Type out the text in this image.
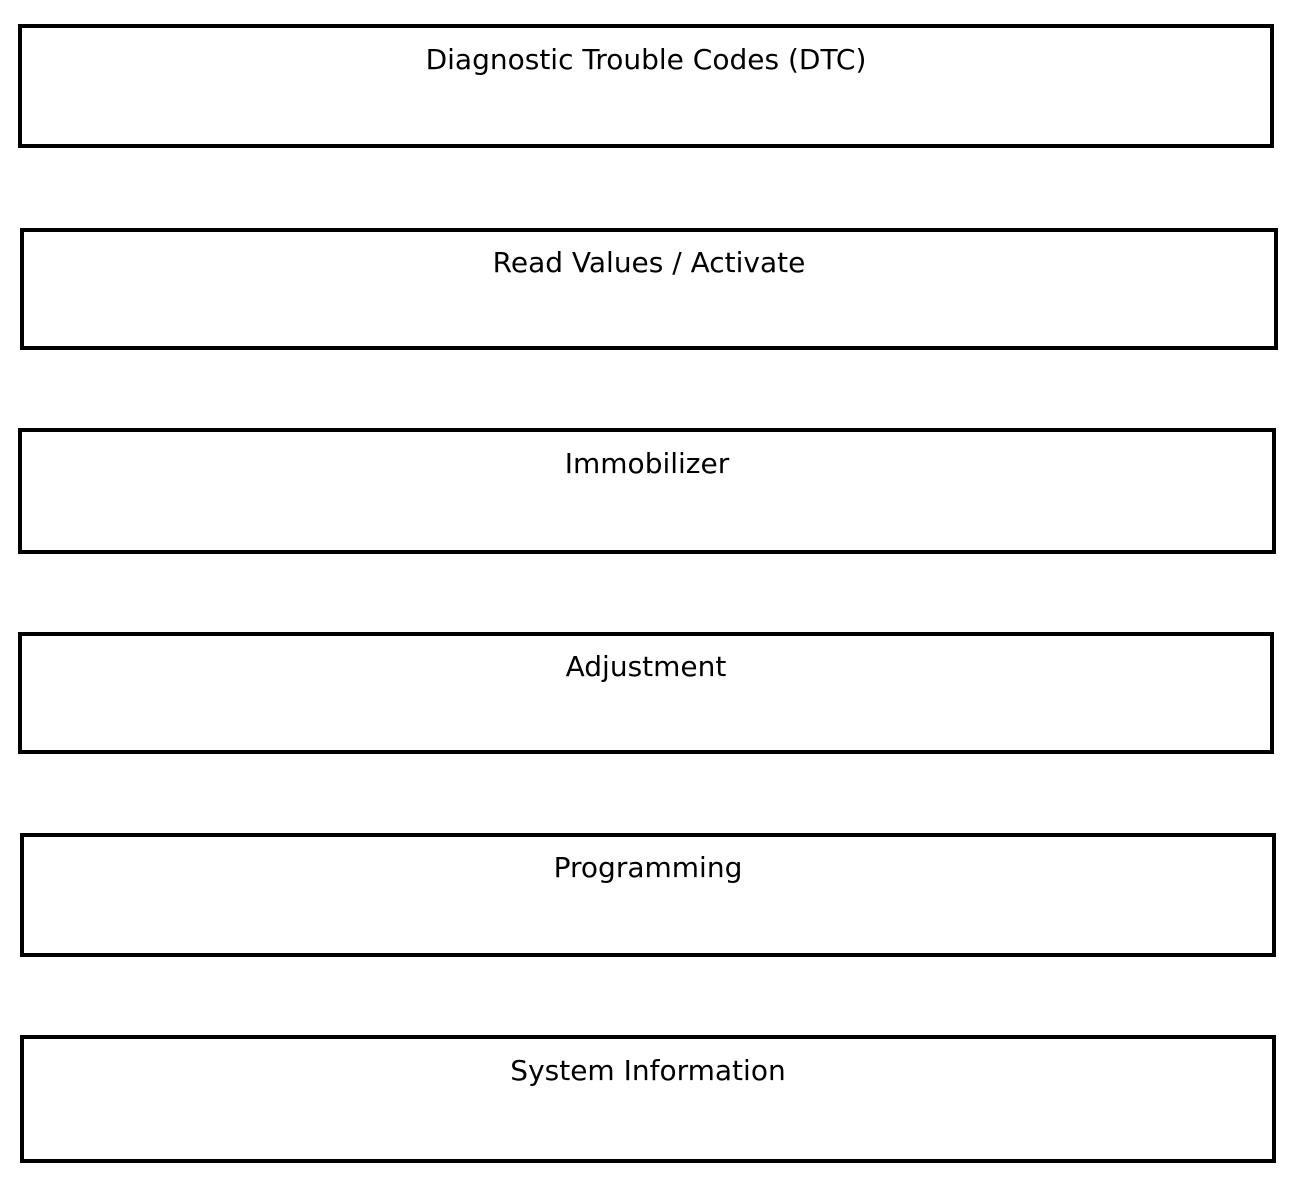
Diagnostic Trouble Codes (DTC)
Read Values / Activate
Immobilizer
Adjustment
Programming
System Information
